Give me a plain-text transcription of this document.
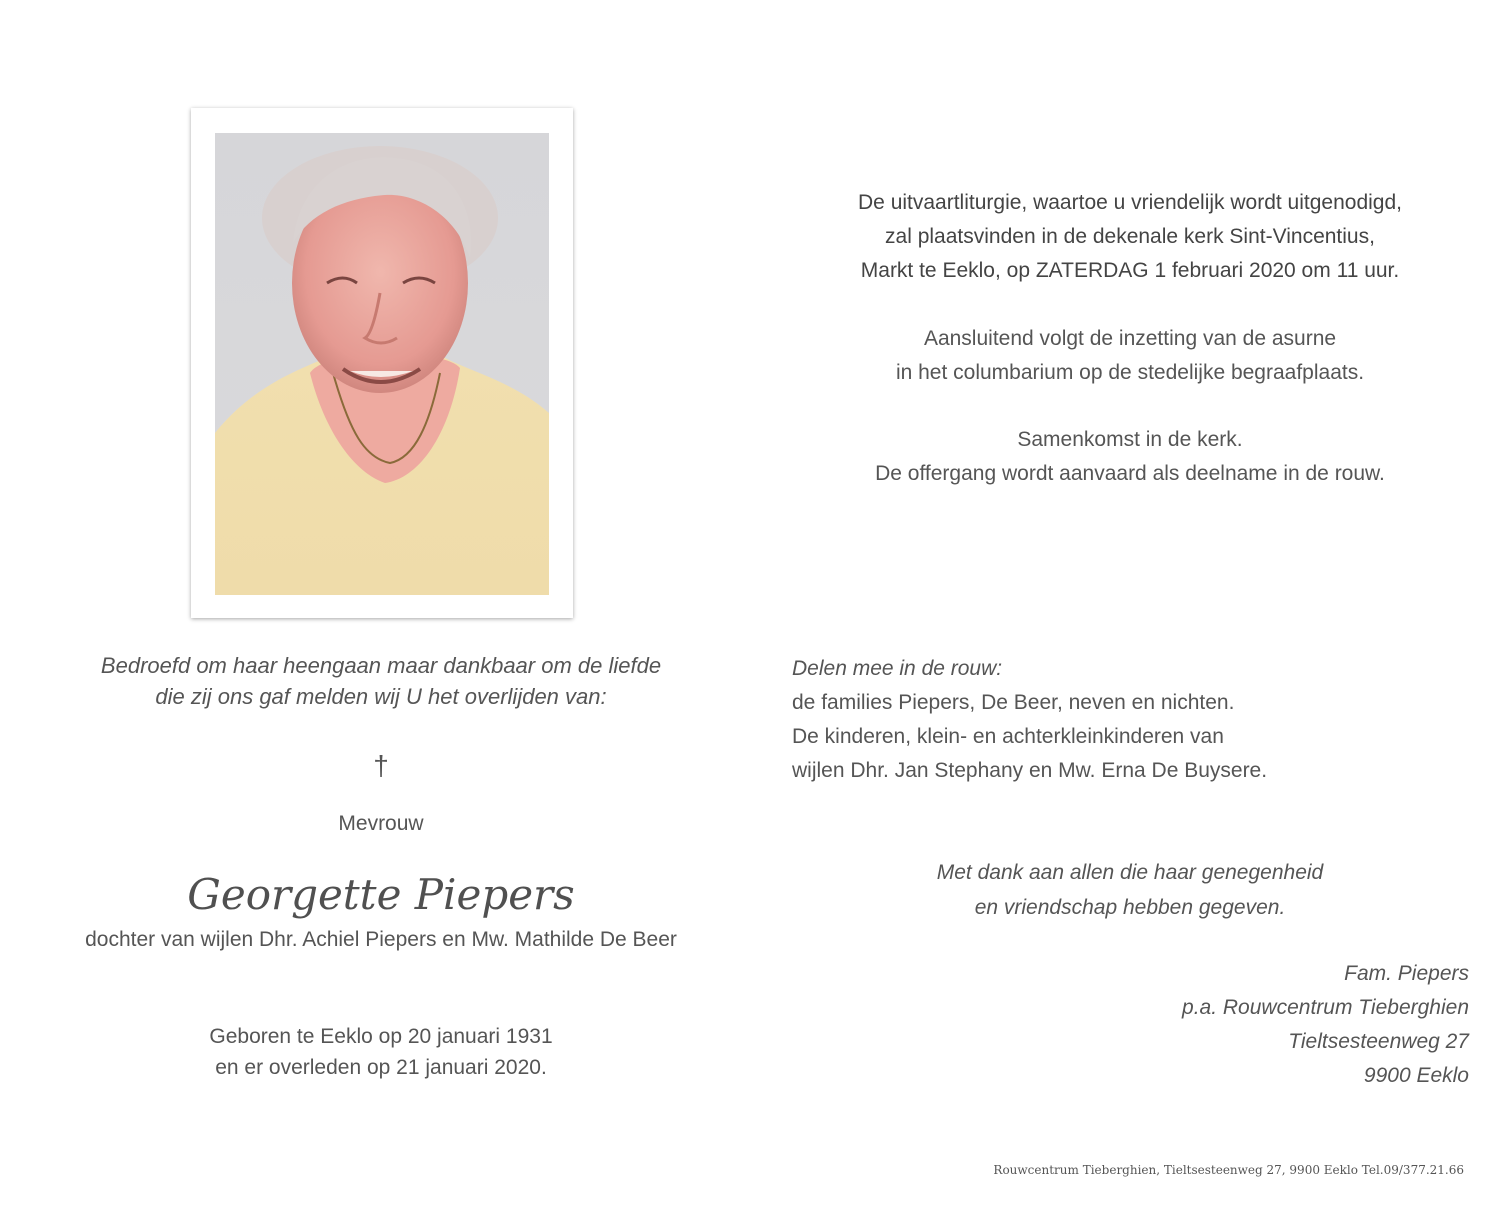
Bedroefd om haar heengaan maar dankbaar om de liefde
die zij ons gaf melden wij U het overlijden van:
†
Mevrouw
Georgette Piepers
dochter van wijlen Dhr. Achiel Piepers en Mw. Mathilde De Beer
Geboren te Eeklo op 20 januari 1931
en er overleden op 21 januari 2020.
De uitvaartliturgie, waartoe u vriendelijk wordt uitgenodigd,
zal plaatsvinden in de dekenale kerk Sint-Vincentius,
Markt te Eeklo, op ZATERDAG 1 februari 2020 om 11 uur.
Aansluitend volgt de inzetting van de asurne
in het columbarium op de stedelijke begraafplaats.
Samenkomst in de kerk.
De offergang wordt aanvaard als deelname in de rouw.
Delen mee in de rouw:
de families Piepers, De Beer, neven en nichten.
De kinderen, klein- en achterkleinkinderen van
wijlen Dhr. Jan Stephany en Mw. Erna De Buysere.
Met dank aan allen die haar genegenheid
en vriendschap hebben gegeven.
Fam. Piepers
p.a. Rouwcentrum Tieberghien
Tieltsesteenweg 27
9900 Eeklo
Rouwcentrum Tieberghien, Tieltsesteenweg 27, 9900 Eeklo Tel.09/377.21.66
